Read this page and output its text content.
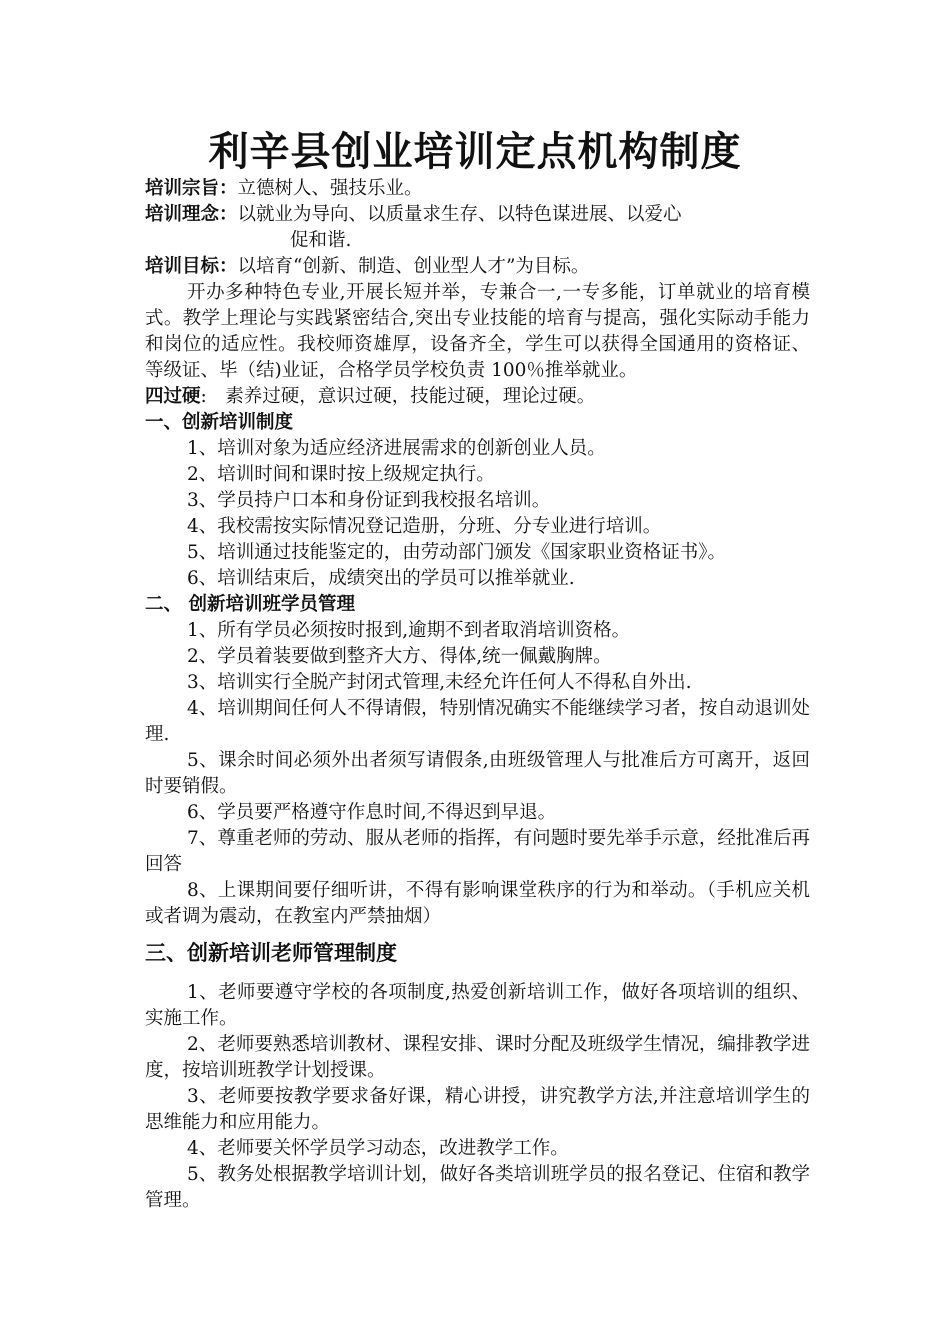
利辛县创业培训定点机构制度

培训宗旨：立德树人、强技乐业。

培训理念：以就业为导向、以质量求生存、以特色谋进展、以爱心

促和谐.

培训目标：以培育“创新、制造、创业型人才”为目标。

开办多种特色专业,开展长短并举，专兼合一,一专多能，订单就业的培育模式。教学上理论与实践紧密结合,突出专业技能的培育与提高，强化实际动手能力和岗位的适应性。我校师资雄厚，设备齐全，学生可以获得全国通用的资格证、等级证、毕（结)业证，合格学员学校负责 100％推举就业。

四过硬:　素养过硬，意识过硬，技能过硬，理论过硬。

一、创新培训制度

1、培训对象为适应经济进展需求的创新创业人员。

2、培训时间和课时按上级规定执行。

3、学员持户口本和身份证到我校报名培训。

4、我校需按实际情况登记造册，分班、分专业进行培训。

5、培训通过技能鉴定的，由劳动部门颁发《国家职业资格证书》。

6、培训结束后，成绩突出的学员可以推举就业.

二、 创新培训班学员管理

1、所有学员必须按时报到,逾期不到者取消培训资格。

2、学员着装要做到整齐大方、得体,统一佩戴胸牌。

3、培训实行全脱产封闭式管理,未经允许任何人不得私自外出.

4、培训期间任何人不得请假，特别情况确实不能继续学习者，按自动退训处理.

5、课余时间必须外出者须写请假条,由班级管理人与批准后方可离开，返回时要销假。

6、学员要严格遵守作息时间,不得迟到早退。

7、尊重老师的劳动、服从老师的指挥，有问题时要先举手示意，经批准后再回答

8、上课期间要仔细听讲，不得有影响课堂秩序的行为和举动。（手机应关机或者调为震动，在教室内严禁抽烟）

三、创新培训老师管理制度

1、老师要遵守学校的各项制度,热爱创新培训工作，做好各项培训的组织、实施工作。

2、老师要熟悉培训教材、课程安排、课时分配及班级学生情况，编排教学进度，按培训班教学计划授课。

3、老师要按教学要求备好课，精心讲授，讲究教学方法,并注意培训学生的思维能力和应用能力。

4、老师要关怀学员学习动态，改进教学工作。

5、教务处根据教学培训计划，做好各类培训班学员的报名登记、住宿和教学管理。
